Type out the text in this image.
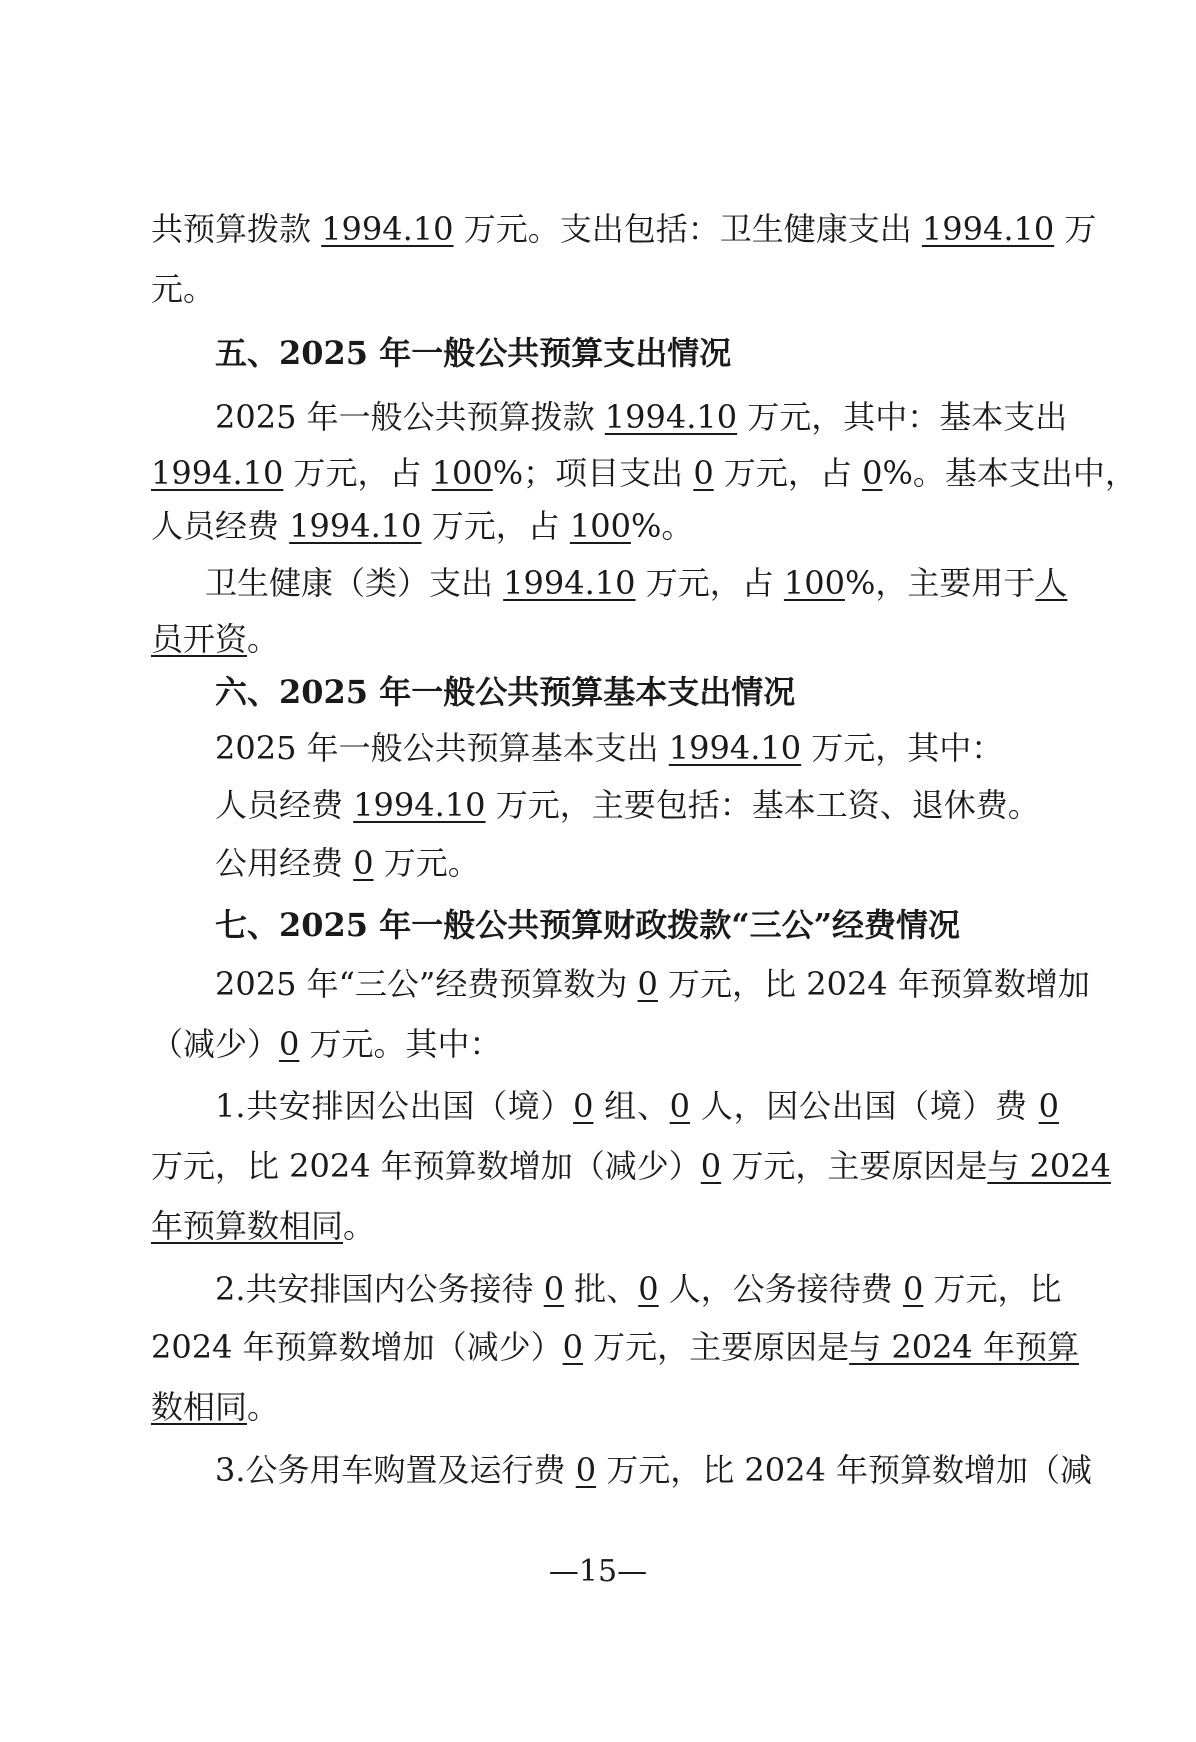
共预算拨款 1994.10 万元。支出包括：卫生健康支出 1994.10 万
元。
五、2025 年一般公共预算支出情况
2025 年一般公共预算拨款 1994.10 万元，其中：基本支出
1994.10 万元，占 100%；项目支出 0 万元，占 0%。基本支出中，
人员经费 1994.10 万元，占 100%。
卫生健康（类）支出 1994.10 万元，占 100%，主要用于人
员开资。
六、2025 年一般公共预算基本支出情况
2025 年一般公共预算基本支出 1994.10 万元，其中：
人员经费 1994.10 万元，主要包括：基本工资、退休费。
公用经费 0 万元。
七、2025 年一般公共预算财政拨款“三公”经费情况
2025 年“三公”经费预算数为 0 万元，比 2024 年预算数增加
（减少）0 万元。其中：
1.共安排因公出国（境）0 组、0 人，因公出国（境）费 0
万元，比 2024 年预算数增加（减少）0 万元，主要原因是与 2024
年预算数相同。
2.共安排国内公务接待 0 批、0 人，公务接待费 0 万元，比
2024 年预算数增加（减少）0 万元，主要原因是与 2024 年预算
数相同。
3.公务用车购置及运行费 0 万元，比 2024 年预算数增加（减
—15—
